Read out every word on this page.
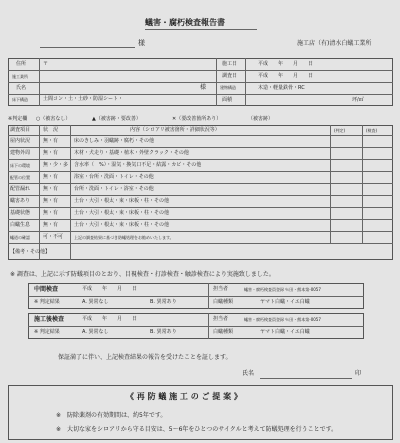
蟻害・腐朽検査報告書
様	施工店（有)清水白蟻工業所
住所	〒
施工業所
氏名	様
床下構造	土間コン・土・土砂・防湿シート・
施工日	平成　　年　　月　　日
調査日	平成　　年　　月　　日
建物構造	木造・軽量鉄骨・RC
面積	坪/㎡
※判定欄 ○（被害なし）	▲（被害跡・要改善）	✕（要改善箇所あり）	（被害跡）
調査項目	状　況	内容（シロアリ被害箇所・詳細状況等）	(判定)	(検査)
屋内状況	無・有	床のきしみ・羽蟻跡・腐朽・その他
建物外周	無・有	木材・犬走り・基礎・植木・外壁クラック・その他
床下の環境	無・少・多 含水率（　%）・湿気・換気口不足・結露・カビ・その他
配管の位置	無・有	浴室・台所・洗面・トイレ・その他
配管漏れ	無・有	台所・洗面・トイレ・浴室・その他
蟻害あり	無・有	土台・大引・根太・束・床板・柱・その他
基礎状態	無・有	土台・大引・根太・束・床板・柱・その他
白蟻生息	無・有	土台・大引・根太・束・床板・柱・その他
蟻道の確認	可・不可	上記の調査結果に基づき防蟻処理をお勧めいたします。
【備考・その他】
※ 調査は、上記に示す防蟻項目のとおり、目視検査・打診検査・触診検査により実施致しました。
中間検査	平成　　年　　月　　日	担当者	蟻害・腐朽検査員登録 ％田・熊本第-0057
※ 判定結果	A. 異常なし	B. 異常あり	白蟻種類	ヤマト白蟻・イエ白蟻
施工後検査	平成　　年　　月　　日	担当者	蟻害・腐朽検査員登録 ％田・熊本第-0057
※ 判定結果	A. 異常なし	B. 異常あり	白蟻種類	ヤマト白蟻・イエ白蟻
保証満了に伴い、上記検査結果の報告を受けたことを証します。
氏名	印
《 再 防 蟻 施 工 の ご 提 案 》
※　防除薬剤の有効期間は、約5年です。
※　大切な家をシロアリから守る目安は、5〜6年をひとつのサイクルと考えて防蟻処理を行うことです。
